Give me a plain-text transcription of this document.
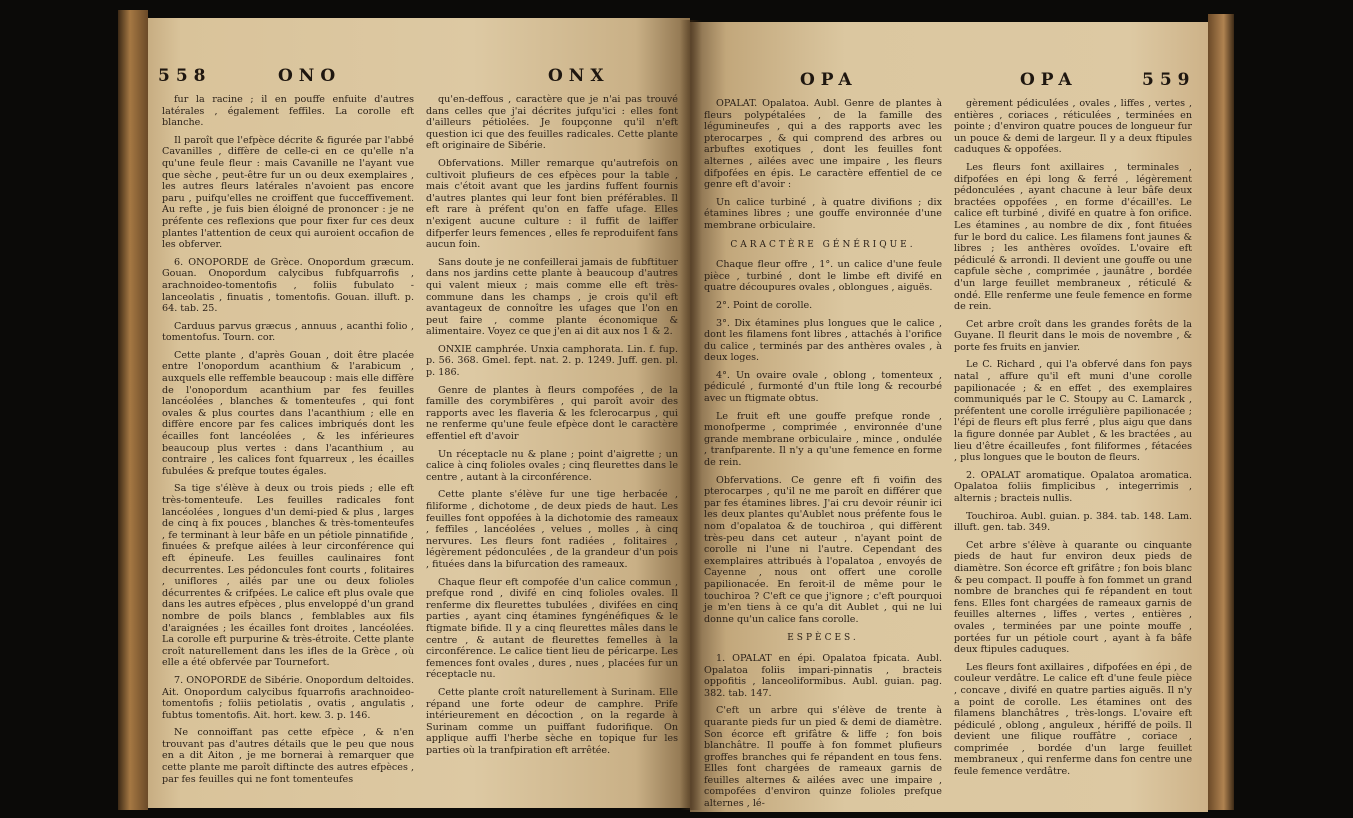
558	ONO	ONX

fur la racine ; il en pouffe enfuite d'autres latérales , également feffiles. La corolle eft blanche.

Il paroît que l'efpèce décrite & figurée par l'abbé Cavanilles , diffère de celle-ci en ce qu'elle n'a qu'une feule fleur : mais Cavanille ne l'ayant vue que sèche , peut-être fur un ou deux exemplaires , les autres fleurs latérales n'avoient pas encore paru , puifqu'elles ne croiffent que fucceffivement. Au refte , je fuis bien éloigné de prononcer : je ne préfente ces reflexions que pour fixer fur ces deux plantes l'attention de ceux qui auroient occafion de les obferver.

6. ONOPORDE de Grèce. Onopordum græcum. Gouan. Onopordum calycibus fubfquarrofis , arachnoideo-tomentofis , foliis fubulato - lanceolatis , finuatis , tomentofis. Gouan. illuft. p. 64. tab. 25.

Carduus parvus græcus , annuus , acanthi folio , tomentofus. Tourn. cor.

Cette plante , d'après Gouan , doit être placée entre l'onopordum acanthium & l'arabicum , auxquels elle reffemble beaucoup : mais elle diffère de l'onopordum acanthium par fes feuilles lancéolées , blanches & tomenteufes , qui font ovales & plus courtes dans l'acanthium ; elle en diffère encore par fes calices imbriqués dont les écailles font lancéolées , & les inférieures beaucoup plus vertes : dans l'acanthium , au contraire , les calices font fquarreux , les écailles fubulées & prefque toutes égales.

Sa tige s'élève à deux ou trois pieds ; elle eft très-tomenteufe. Les feuilles radicales font lancéolées , longues d'un demi-pied & plus , larges de cinq à fix pouces , blanches & très-tomenteufes , fe terminant à leur bâfe en un pétiole pinnatifide , finuées & prefque ailées à leur circonférence qui eft épineufe. Les feuilles caulinaires font decurrentes. Les pédoncules font courts , folitaires , uniflores , ailés par une ou deux folioles décurrentes & crifpées. Le calice eft plus ovale que dans les autres efpèces , plus enveloppé d'un grand nombre de poils blancs , femblables aux fils d'araignées ; les écailles font droites , lancéolées. La corolle eft purpurine & très-étroite. Cette plante croît naturellement dans les ifles de la Grèce , où elle a été obfervée par Tournefort.

7. ONOPORDE de Sibérie. Onopordum deltoides. Ait. Onopordum calycibus fquarrofis arachnoideo-tomentofis ; foliis petiolatis , ovatis , angulatis , fubtus tomentofis. Ait. hort. kew. 3. p. 146.

Ne connoiffant pas cette efpèce , & n'en trouvant pas d'autres détails que le peu que nous en a dit Aiton , je me bornerai à remarquer que cette plante me paroît diftincte des autres efpèces , par fes feuilles qui ne font tomenteufes

qu'en-deffous , caractère que je n'ai pas trouvé dans celles que j'ai décrites jufqu'ici : elles font d'ailleurs pétiolées. Je foupçonne qu'il n'eft question ici que des feuilles radicales. Cette plante eft originaire de Sibérie.

Obfervations. Miller remarque qu'autrefois on cultivoit plufieurs de ces efpèces pour la table , mais c'étoit avant que les jardins fuffent fournis d'autres plantes qui leur font bien préférables. Il eft rare à préfent qu'on en faffe ufage. Elles n'exigent aucune culture : il fuffit de laiffer difperfer leurs femences , elles fe reproduifent fans aucun foin.

Sans doute je ne confeillerai jamais de fubftituer dans nos jardins cette plante à beaucoup d'autres qui valent mieux ; mais comme elle eft très-commune dans les champs , je crois qu'il eft avantageux de connoître les ufages que l'on en peut faire , comme plante économique & alimentaire. Voyez ce que j'en ai dit aux nos 1 & 2.

ONXIE camphrée. Unxia camphorata. Lin. f. fup. p. 56. 368. Gmel. fept. nat. 2. p. 1249. Juff. gen. pl. p. 186.

Genre de plantes à fleurs compofées , de la famille des corymbifères , qui paroît avoir des rapports avec les flaveria & les fclerocarpus , qui ne renferme qu'une feule efpèce dont le caractère effentiel eft d'avoir

Un réceptacle nu & plane ; point d'aigrette ; un calice à cinq folioles ovales ; cinq fleurettes dans le centre , autant à la circonférence.

Cette plante s'élève fur une tige herbacée , filiforme , dichotome , de deux pieds de haut. Les feuilles font oppofées à la dichotomie des rameaux , feffiles , lancéolées , velues , molles , à cinq nervures. Les fleurs font radiées , folitaires , légèrement pédonculées , de la grandeur d'un pois , fituées dans la bifurcation des rameaux.

Chaque fleur eft compofée d'un calice commun , prefque rond , divifé en cinq folioles ovales. Il renferme dix fleurettes tubulées , divifées en cinq parties , ayant cinq étamines fyngénéfiques & le ftigmate bifide. Il y a cinq fleurettes mâles dans le centre , & autant de fleurettes femelles à la circonférence. Le calice tient lieu de péricarpe. Les femences font ovales , dures , nues , placées fur un réceptacle nu.

Cette plante croît naturellement à Surinam. Elle répand une forte odeur de camphre. Prife intérieurement en décoction , on la regarde à Surinam comme un puiffant fudorifique. On applique auffi l'herbe sèche en topique fur les parties où la tranfpiration eft arrêtée.

OPA	OPA	559

OPALAT. Opalatoa. Aubl. Genre de plantes à fleurs polypétalées , de la famille des légumineufes , qui a des rapports avec les pterocarpes , & qui comprend des arbres ou arbuftes exotiques , dont les feuilles font alternes , ailées avec une impaire , les fleurs difpofées en épis. Le caractère effentiel de ce genre eft d'avoir :

Un calice turbiné , à quatre divifions ; dix étamines libres ; une gouffe environnée d'une membrane orbiculaire.

CARACTÈRE GÉNÉRIQUE.

Chaque fleur offre , 1°. un calice d'une feule pièce , turbiné , dont le limbe eft divifé en quatre découpures ovales , oblongues , aiguës.

2°. Point de corolle.

3°. Dix étamines plus longues que le calice , dont les filamens font libres , attachés à l'orifice du calice , terminés par des anthères ovales , à deux loges.

4°. Un ovaire ovale , oblong , tomenteux , pédiculé , furmonté d'un ftile long & recourbé avec un ftigmate obtus.

Le fruit eft une gouffe prefque ronde , monofperme , comprimée , environnée d'une grande membrane orbiculaire , mince , ondulée , tranfparente. Il n'y a qu'une femence en forme de rein.

Obfervations. Ce genre eft fi voifin des pterocarpes , qu'il ne me paroît en différer que par fes étamines libres. J'ai cru devoir réunir ici les deux plantes qu'Aublet nous préfente fous le nom d'opalatoa & de touchiroa , qui diffèrent très-peu dans cet auteur , n'ayant point de corolle ni l'une ni l'autre. Cependant des exemplaires attribués à l'opalatoa , envoyés de Cayenne , nous ont offert une corolle papilionacée. En feroit-il de même pour le touchiroa ? C'eft ce que j'ignore ; c'eft pourquoi je m'en tiens à ce qu'a dit Aublet , qui ne lui donne qu'un calice fans corolle.

ESPÈCES.

1. OPALAT en épi. Opalatoa fpicata. Aubl. Opalatoa foliis impari-pinnatis , bracteis oppofitis , lanceoliformibus. Aubl. guian. pag. 382. tab. 147.

C'eft un arbre qui s'élève de trente à quarante pieds fur un pied & demi de diamètre. Son écorce eft grifâtre & liffe ; fon bois blanchâtre. Il pouffe à fon fommet plufieurs groffes branches qui fe répandent en tous fens. Elles font chargées de rameaux garnis de feuilles alternes & ailées avec une impaire , compofées d'environ quinze folioles prefque alternes , lé-

gèrement pédiculées , ovales , liffes , vertes , entières , coriaces , réticulées , terminées en pointe ; d'environ quatre pouces de longueur fur un pouce & demi de largeur. Il y a deux ftipules caduques & oppofées.

Les fleurs font axillaires , terminales , difpofées en épi long & ferré , légèrement pédonculées , ayant chacune à leur bâfe deux bractées oppofées , en forme d'écaill'es. Le calice eft turbiné , divifé en quatre à fon orifice. Les étamines , au nombre de dix , font fituées fur le bord du calice. Les filamens font jaunes & libres ; les anthères ovoïdes. L'ovaire eft pédiculé & arrondi. Il devient une gouffe ou une capfule sèche , comprimée , jaunâtre , bordée d'un large feuillet membraneux , réticulé & ondé. Elle renferme une feule femence en forme de rein.

Cet arbre croît dans les grandes forêts de la Guyane. Il fleurit dans le mois de novembre , & porte fes fruits en janvier.

Le C. Richard , qui l'a obfervé dans fon pays natal , affure qu'il eft muni d'une corolle papilionacée ; & en effet , des exemplaires communiqués par le C. Stoupy au C. Lamarck , préfentent une corolle irrégulière papilionacée ; l'épi de fleurs eft plus ferré , plus aigu que dans la figure donnée par Aublet , & les bractées , au lieu d'être écailleufes , font filiformes , fétacées , plus longues que le bouton de fleurs.

2. OPALAT aromatique. Opalatoa aromatica. Opalatoa foliis fimplicibus , integerrimis , alternis ; bracteis nullis.

Touchiroa. Aubl. guian. p. 384. tab. 148. Lam. illuft. gen. tab. 349.

Cet arbre s'élève à quarante ou cinquante pieds de haut fur environ deux pieds de diamètre. Son écorce eft grifâtre ; fon bois blanc & peu compact. Il pouffe à fon fommet un grand nombre de branches qui fe répandent en tout fens. Elles font chargées de rameaux garnis de feuilles alternes , liffes , vertes , entières , ovales , terminées par une pointe mouffe , portées fur un pétiole court , ayant à fa bâfe deux ftipules caduques.

Les fleurs font axillaires , difpofées en épi , de couleur verdâtre. Le calice eft d'une feule pièce , concave , divifé en quatre parties aiguës. Il n'y a point de corolle. Les étamines ont des filamens blanchâtres , très-longs. L'ovaire eft pédiculé , oblong , anguleux , hériffé de poils. Il devient une filique rouffâtre , coriace , comprimée , bordée d'un large feuillet membraneux , qui renferme dans fon centre une feule femence verdâtre.
